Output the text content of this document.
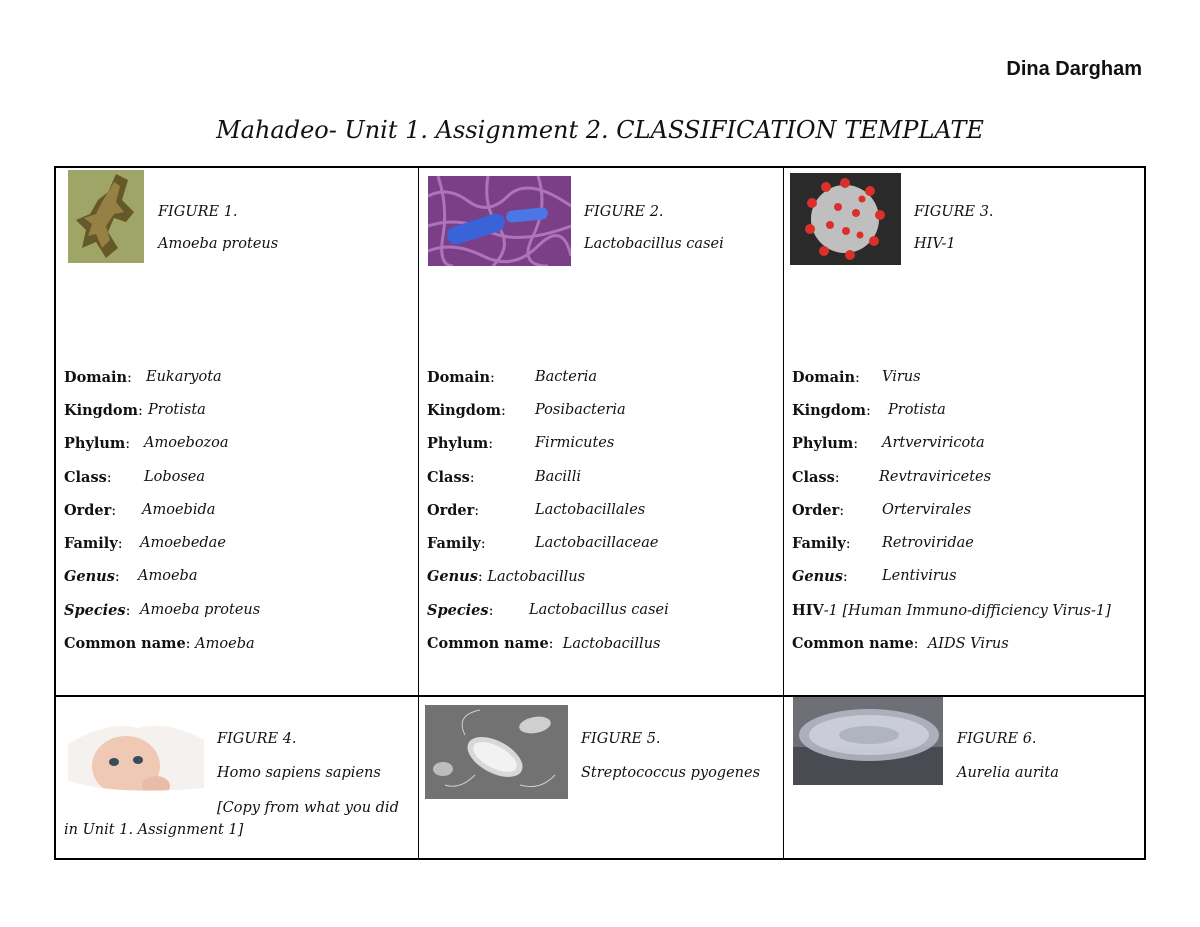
Dina Dargham
Mahadeo- Unit 1. Assignment 2. CLASSIFICATION TEMPLATE
FIGURE 1.
Amoeba proteus
Domain: Eukaryota
Kingdom: Protista
Phylum: Amoebozoa
Class: Lobosea
Order: Amoebida
Family: Amoebedae
Genus: Amoeba
Species: Amoeba proteus
Common name: Amoeba
FIGURE 2.
Lactobacillus casei
Domain:	Bacteria
Kingdom: Posibacteria
Phylum:	Firmicutes
Class:	Bacilli
Order:	Lactobacillales
Family:	Lactobacillaceae
Genus: Lactobacillus
Species: Lactobacillus casei
Common name: Lactobacillus
FIGURE 3.
HIV-1
Domain: Virus
Kingdom: Protista
Phylum: Artverviricota
Class:	Revtraviricetes
Order:	Ortervirales
Family: Retroviridae
Genus: Lentivirus
HIV-1 [Human Immuno-difficiency Virus-1]
Common name: AIDS Virus
FIGURE 4.
Homo sapiens sapiens
[Copy from what you did in Unit 1. Assignment 1]
FIGURE 5.
Streptococcus pyogenes
FIGURE 6.
Aurelia aurita
